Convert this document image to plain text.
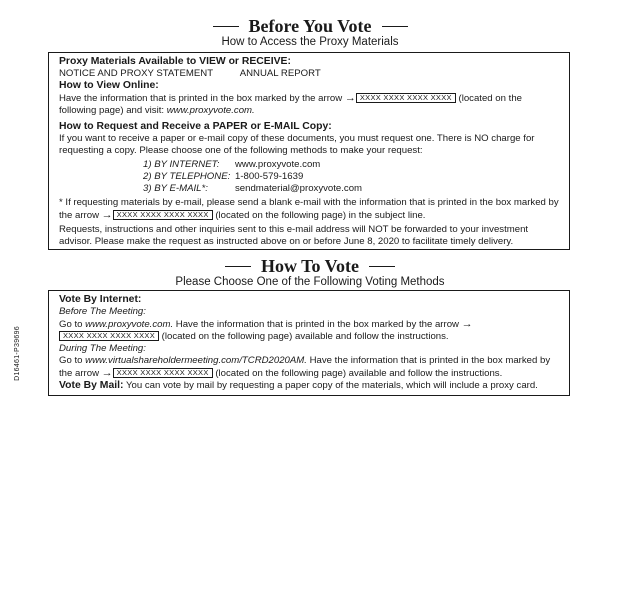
Before You Vote
How to Access the Proxy Materials

Proxy Materials Available to VIEW or RECEIVE:

NOTICE AND PROXY STATEMENT	ANNUAL REPORT

How to View Online:

Have the information that is printed in the box marked by the arrow → XXXX XXXX XXXX XXXX (located on the following page) and visit: www.proxyvote.com.

How to Request and Receive a PAPER or E-MAIL Copy:

If you want to receive a paper or e-mail copy of these documents, you must request one. There is NO charge for requesting a copy. Please choose one of the following methods to make your request:

1) BY INTERNET:	www.proxyvote.com
2) BY TELEPHONE: 1-800-579-1639
3) BY E-MAIL*:	sendmaterial@proxyvote.com

* If requesting materials by e-mail, please send a blank e-mail with the information that is printed in the box marked by the arrow → XXXX XXXX XXXX XXXX (located on the following page) in the subject line.

Requests, instructions and other inquiries sent to this e-mail address will NOT be forwarded to your investment advisor. Please make the request as instructed above on or before June 8, 2020 to facilitate timely delivery.

How To Vote
Please Choose One of the Following Voting Methods

Vote By Internet:

Before The Meeting:

Go to www.proxyvote.com. Have the information that is printed in the box marked by the arrow →XXXX XXXX XXXX XXXX (located on the following page) available and follow the instructions.

During The Meeting:

Go to www.virtualshareholdermeeting.com/TCRD2020AM. Have the information that is printed in the box marked by the arrow → XXXX XXXX XXXX XXXX (located on the following page) available and follow the instructions.

Vote By Mail: You can vote by mail by requesting a paper copy of the materials, which will include a proxy card.

D16461-P39696
